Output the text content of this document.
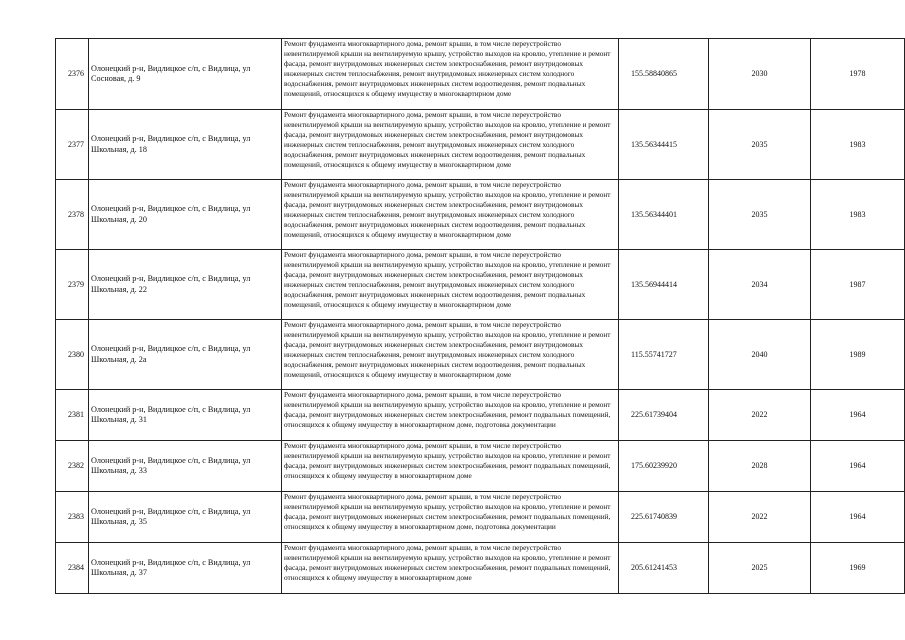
2376	Олонецкий р-н, Видлицкое с/п, с Видлица, ул Сосновая, д. 9	Ремонт фундамента многоквартирного дома, ремонт крыши, в том числе переустройство невентилируемой крыши на вентилируемую крышу, устройство выходов на кровлю, утепление и ремонт фасада, ремонт внутридомовых инженерных систем электроснабжения, ремонт внутридомовых инженерных систем теплоснабжения, ремонт внутридомовых инженерных систем холодного водоснабжения, ремонт внутридомовых инженерных систем водоотведения, ремонт подвальных помещений, относящихся к общему имуществу в многоквартирном доме	155.58840865	2030	1978
2377	Олонецкий р-н, Видлицкое с/п, с Видлица, ул Школьная, д. 18	Ремонт фундамента многоквартирного дома, ремонт крыши, в том числе переустройство невентилируемой крыши на вентилируемую крышу, устройство выходов на кровлю, утепление и ремонт фасада, ремонт внутридомовых инженерных систем электроснабжения, ремонт внутридомовых инженерных систем теплоснабжения, ремонт внутридомовых инженерных систем холодного водоснабжения, ремонт внутридомовых инженерных систем водоотведения, ремонт подвальных помещений, относящихся к общему имуществу в многоквартирном доме	135.56344415	2035	1983
2378	Олонецкий р-н, Видлицкое с/п, с Видлица, ул Школьная, д. 20	Ремонт фундамента многоквартирного дома, ремонт крыши, в том числе переустройство невентилируемой крыши на вентилируемую крышу, устройство выходов на кровлю, утепление и ремонт фасада, ремонт внутридомовых инженерных систем электроснабжения, ремонт внутридомовых инженерных систем теплоснабжения, ремонт внутридомовых инженерных систем холодного водоснабжения, ремонт внутридомовых инженерных систем водоотведения, ремонт подвальных помещений, относящихся к общему имуществу в многоквартирном доме	135.56344401	2035	1983
2379	Олонецкий р-н, Видлицкое с/п, с Видлица, ул Школьная, д. 22	Ремонт фундамента многоквартирного дома, ремонт крыши, в том числе переустройство невентилируемой крыши на вентилируемую крышу, устройство выходов на кровлю, утепление и ремонт фасада, ремонт внутридомовых инженерных систем электроснабжения, ремонт внутридомовых инженерных систем теплоснабжения, ремонт внутридомовых инженерных систем холодного водоснабжения, ремонт внутридомовых инженерных систем водоотведения, ремонт подвальных помещений, относящихся к общему имуществу в многоквартирном доме	135.56944414	2034	1987
2380	Олонецкий р-н, Видлицкое с/п, с Видлица, ул Школьная, д. 2а	Ремонт фундамента многоквартирного дома, ремонт крыши, в том числе переустройство невентилируемой крыши на вентилируемую крышу, устройство выходов на кровлю, утепление и ремонт фасада, ремонт внутридомовых инженерных систем электроснабжения, ремонт внутридомовых инженерных систем теплоснабжения, ремонт внутридомовых инженерных систем холодного водоснабжения, ремонт внутридомовых инженерных систем водоотведения, ремонт подвальных помещений, относящихся к общему имуществу в многоквартирном доме	115.55741727	2040	1989
2381	Олонецкий р-н, Видлицкое с/п, с Видлица, ул Школьная, д. 31	Ремонт фундамента многоквартирного дома, ремонт крыши, в том числе переустройство невентилируемой крыши на вентилируемую крышу, устройство выходов на кровлю, утепление и ремонт фасада, ремонт внутридомовых инженерных систем электроснабжения, ремонт подвальных помещений, относящихся к общему имуществу в многоквартирном доме, подготовка документации	225.61739404	2022	1964
2382	Олонецкий р-н, Видлицкое с/п, с Видлица, ул Школьная, д. 33	Ремонт фундамента многоквартирного дома, ремонт крыши, в том числе переустройство невентилируемой крыши на вентилируемую крышу, устройство выходов на кровлю, утепление и ремонт фасада, ремонт внутридомовых инженерных систем электроснабжения, ремонт подвальных помещений, относящихся к общему имуществу в многоквартирном доме	175.60239920	2028	1964
2383	Олонецкий р-н, Видлицкое с/п, с Видлица, ул Школьная, д. 35	Ремонт фундамента многоквартирного дома, ремонт крыши, в том числе переустройство невентилируемой крыши на вентилируемую крышу, устройство выходов на кровлю, утепление и ремонт фасада, ремонт внутридомовых инженерных систем электроснабжения, ремонт подвальных помещений, относящихся к общему имуществу в многоквартирном доме, подготовка документации	225.61740839	2022	1964
2384	Олонецкий р-н, Видлицкое с/п, с Видлица, ул Школьная, д. 37	Ремонт фундамента многоквартирного дома, ремонт крыши, в том числе переустройство невентилируемой крыши на вентилируемую крышу, устройство выходов на кровлю, утепление и ремонт фасада, ремонт внутридомовых инженерных систем электроснабжения, ремонт подвальных помещений, относящихся к общему имуществу в многоквартирном доме	205.61241453	2025	1969
